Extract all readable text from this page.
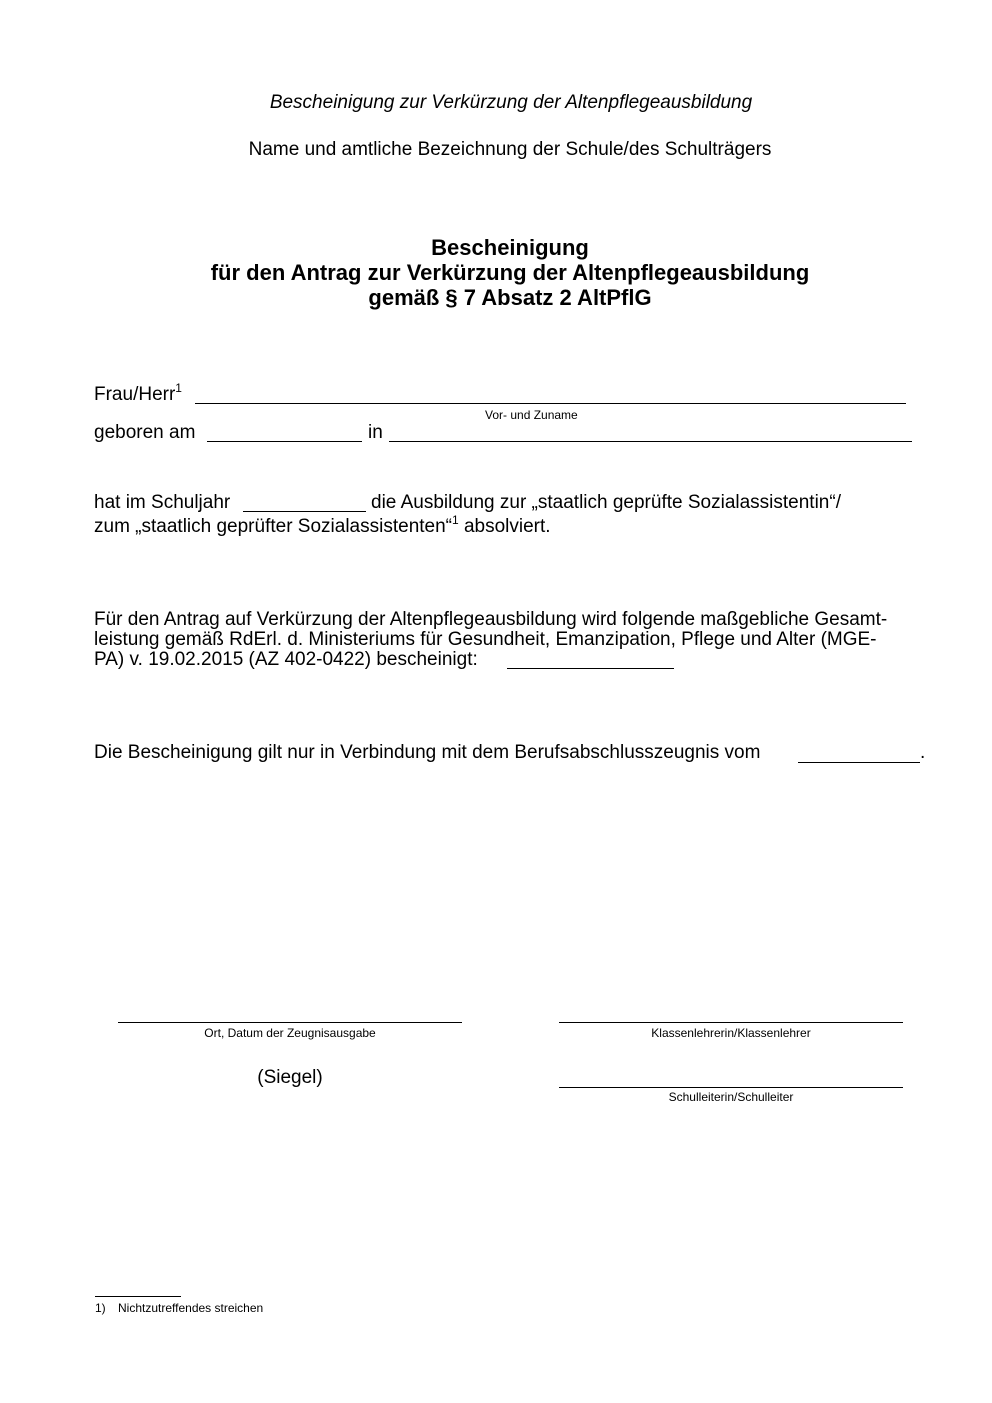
Bescheinigung zur Verkürzung der Altenpflegeausbildung
Name und amtliche Bezeichnung der Schule/des Schulträgers
Bescheinigung
für den Antrag zur Verkürzung der Altenpflegeausbildung
gemäß § 7 Absatz 2 AltPflG
Frau/Herr$^1$
Vor- und Zuname
geboren am	in
hat im Schuljahr	die Ausbildung zur „staatlich geprüfte Sozialassistentin“/
zum „staatlich geprüfter Sozialassistenten“$^1$ absolviert.
Für den Antrag auf Verkürzung der Altenpflegeausbildung wird folgende maßgebliche Gesamt-
leistung gemäß RdErl. d. Ministeriums für Gesundheit, Emanzipation, Pflege und Alter (MGE-
PA) v. 19.02.2015 (AZ 402-0422) bescheinigt:
Die Bescheinigung gilt nur in Verbindung mit dem Berufsabschlusszeugnis vom	.
Ort, Datum der Zeugnisausgabe	Klassenlehrerin/Klassenlehrer
(Siegel)
Schulleiterin/Schulleiter
1) Nichtzutreffendes streichen
